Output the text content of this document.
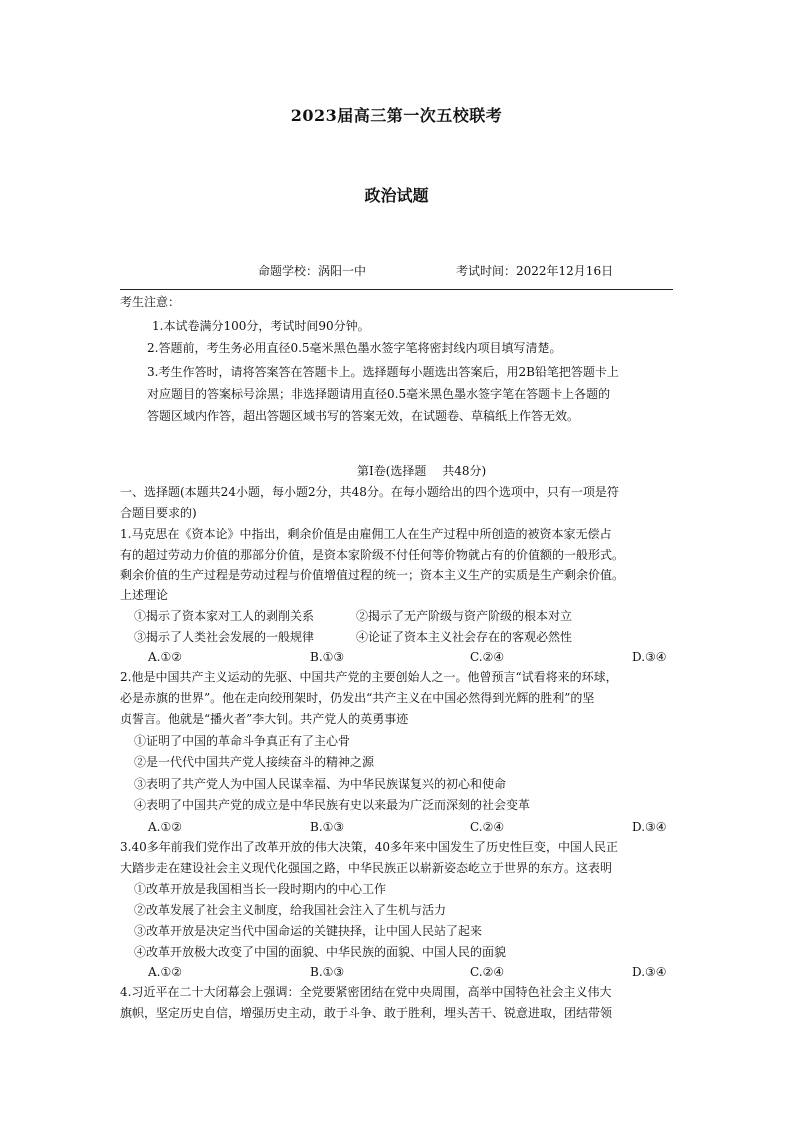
2023届高三第一次五校联考
政治试题
命题学校：涡阳一中	考试时间：2022年12月16日
考生注意：
1.本试卷满分100分，考试时间90分钟。
2.答题前，考生务必用直径0.5毫米黑色墨水签字笔将密封线内项目填写清楚。
3.考生作答时，请将答案答在答题卡上。选择题每小题选出答案后，用2B铅笔把答题卡上
对应题目的答案标号涂黑；非选择题请用直径0.5毫米黑色墨水签字笔在答题卡上各题的
答题区域内作答，超出答题区域书写的答案无效，在试题卷、草稿纸上作答无效。
第Ⅰ卷(选择题　 共48分)
一、选择题(本题共24小题，每小题2分，共48分。在每小题给出的四个选项中，只有一项是符
合题目要求的)
1.马克思在《资本论》中指出，剩余价值是由雇佣工人在生产过程中所创造的被资本家无偿占
有的超过劳动力价值的那部分价值，是资本家阶级不付任何等价物就占有的价值额的一般形式。
剩余价值的生产过程是劳动过程与价值增值过程的统一；资本主义生产的实质是生产剩余价值。
上述理论
①揭示了资本家对工人的剥削关系	②揭示了无产阶级与资产阶级的根本对立
③揭示了人类社会发展的一般规律	④论证了资本主义社会存在的客观必然性
A.①②	B.①③	C.②④	D.③④
2.他是中国共产主义运动的先驱、中国共产党的主要创始人之一。他曾预言“试看将来的环球，
必是赤旗的世界”。他在走向绞刑架时，仍发出“共产主义在中国必然得到光辉的胜利”的坚
贞誓言。他就是“播火者”李大钊。共产党人的英勇事迹
①证明了中国的革命斗争真正有了主心骨
②是一代代中国共产党人接续奋斗的精神之源
③表明了共产党人为中国人民谋幸福、为中华民族谋复兴的初心和使命
④表明了中国共产党的成立是中华民族有史以来最为广泛而深刻的社会变革
A.①②	B.①③	C.②④	D.③④
3.40多年前我们党作出了改革开放的伟大决策，40多年来中国发生了历史性巨变，中国人民正
大踏步走在建设社会主义现代化强国之路，中华民族正以崭新姿态屹立于世界的东方。这表明
①改革开放是我国相当长一段时期内的中心工作
②改革发展了社会主义制度，给我国社会注入了生机与活力
③改革开放是决定当代中国命运的关键抉择，让中国人民站了起来
④改革开放极大改变了中国的面貌、中华民族的面貌、中国人民的面貌
A.①②	B.①③	C.②④	D.③④
4.习近平在二十大闭幕会上强调：全党要紧密团结在党中央周围，高举中国特色社会主义伟大
旗帜，坚定历史自信，增强历史主动，敢于斗争、敢于胜利，埋头苦干、锐意进取，团结带领
